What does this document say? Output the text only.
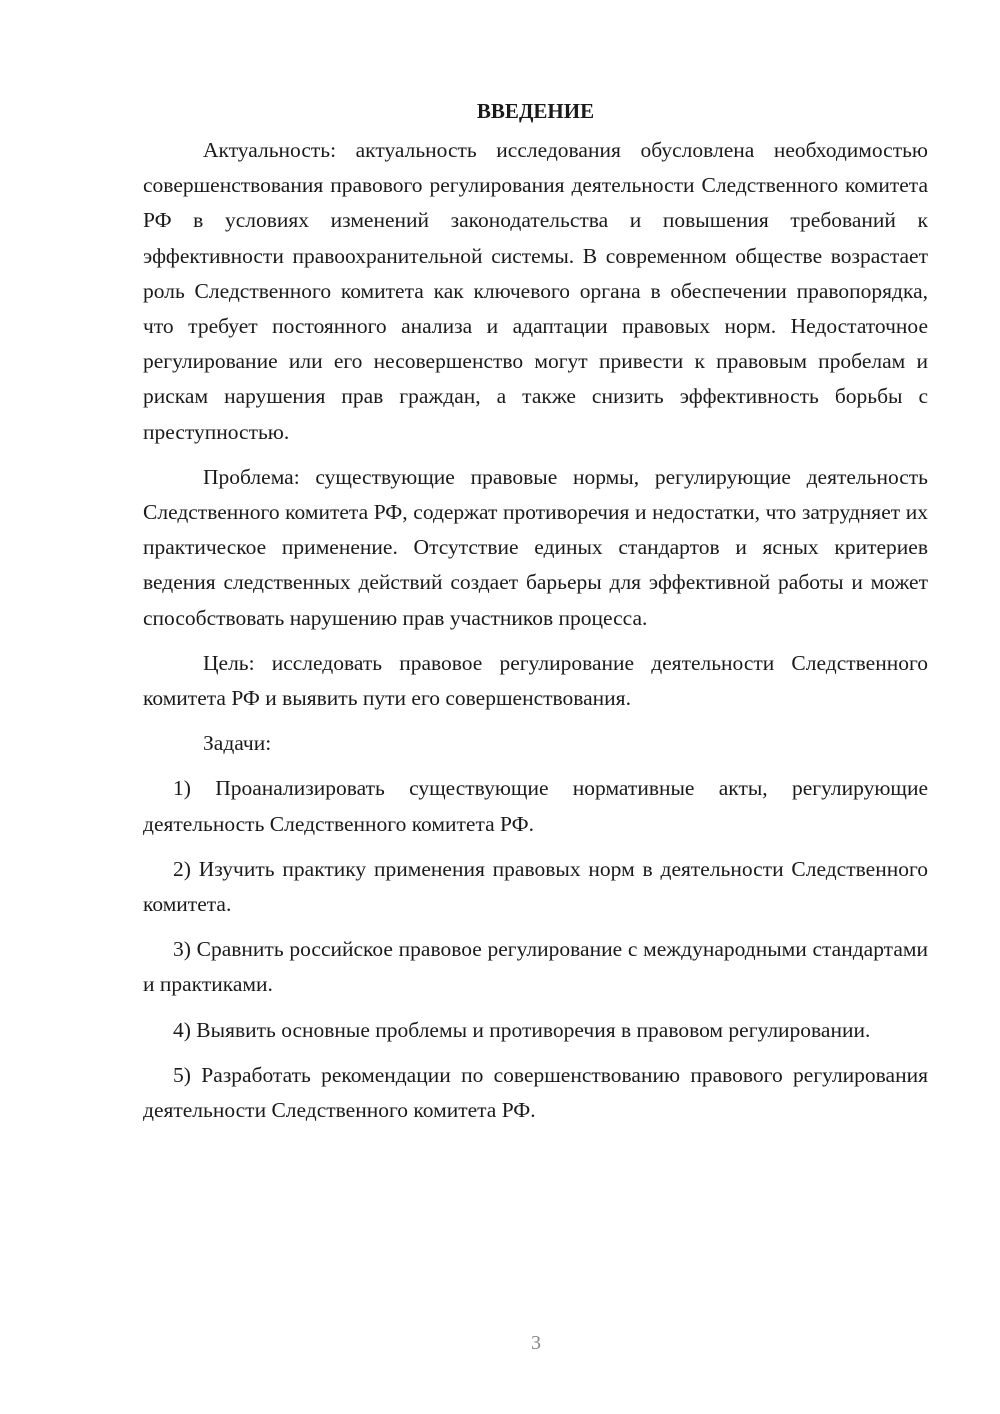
ВВЕДЕНИЕ

Актуальность: актуальность исследования обусловлена необходимостью совершенствования правового регулирования деятельности Следственного комитета РФ в условиях изменений законодательства и повышения требований к эффективности правоохранительной системы. В современном обществе возрастает роль Следственного комитета как ключевого органа в обеспечении правопорядка, что требует постоянного анализа и адаптации правовых норм. Недостаточное регулирование или его несовершенство могут привести к правовым пробелам и рискам нарушения прав граждан, а также снизить эффективность борьбы с преступностью.

Проблема: существующие правовые нормы, регулирующие деятельность Следственного комитета РФ, содержат противоречия и недостатки, что затрудняет их практическое применение. Отсутствие единых стандартов и ясных критериев ведения следственных действий создает барьеры для эффективной работы и может способствовать нарушению прав участников процесса.

Цель: исследовать правовое регулирование деятельности Следственного комитета РФ и выявить пути его совершенствования.

Задачи:

1) Проанализировать существующие нормативные акты, регулирующие деятельность Следственного комитета РФ.

2) Изучить практику применения правовых норм в деятельности Следственного комитета.

3) Сравнить российское правовое регулирование с международными стандартами и практиками.

4) Выявить основные проблемы и противоречия в правовом регулировании.

5) Разработать рекомендации по совершенствованию правового регулирования деятельности Следственного комитета РФ.

3
